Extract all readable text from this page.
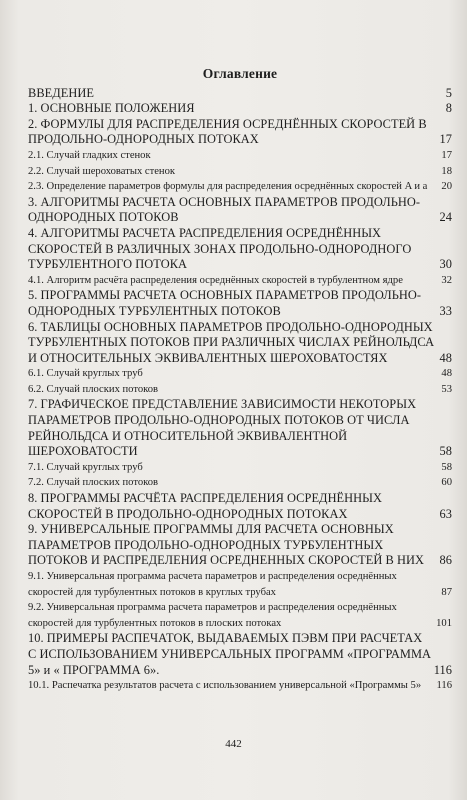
Оглавление
ВВЕДЕНИЕ	5
1. ОСНОВНЫЕ ПОЛОЖЕНИЯ	8
2. ФОРМУЛЫ ДЛЯ РАСПРЕДЕЛЕНИЯ ОСРЕДНЁННЫХ СКОРОСТЕЙ В ПРОДОЛЬНО-ОДНОРОДНЫХ ПОТОКАХ	17
2.1. Случай гладких стенок	17
2.2. Случай шероховатых стенок	18
2.3. Определение параметров формулы для распределения осреднённых скоростей A и a	20
3. АЛГОРИТМЫ РАСЧЕТА ОСНОВНЫХ ПАРАМЕТРОВ ПРОДОЛЬНО-ОДНОРОДНЫХ ПОТОКОВ	24
4. АЛГОРИТМЫ РАСЧЕТА РАСПРЕДЕЛЕНИЯ ОСРЕДНЁННЫХ СКОРОСТЕЙ В РАЗЛИЧНЫХ ЗОНАХ ПРОДОЛЬНО-ОДНОРОДНОГО ТУРБУЛЕНТНОГО ПОТОКА	30
4.1. Алгоритм расчёта распределения осреднённых скоростей в турбулентном ядре	32
5. ПРОГРАММЫ РАСЧЕТА ОСНОВНЫХ ПАРАМЕТРОВ ПРОДОЛЬНО-ОДНОРОДНЫХ ТУРБУЛЕНТНЫХ ПОТОКОВ	33
6. ТАБЛИЦЫ ОСНОВНЫХ ПАРАМЕТРОВ ПРОДОЛЬНО-ОДНОРОДНЫХ ТУРБУЛЕНТНЫХ ПОТОКОВ ПРИ РАЗЛИЧНЫХ ЧИСЛАХ РЕЙНОЛЬДСА И ОТНОСИТЕЛЬНЫХ ЭКВИВАЛЕНТНЫХ ШЕРОХОВАТОСТЯХ	48
6.1. Случай круглых труб	48
6.2. Случай плоских потоков	53
7. ГРАФИЧЕСКОЕ ПРЕДСТАВЛЕНИЕ ЗАВИСИМОСТИ НЕКОТОРЫХ ПАРАМЕТРОВ ПРОДОЛЬНО-ОДНОРОДНЫХ ПОТОКОВ ОТ ЧИСЛА РЕЙНОЛЬДСА И ОТНОСИТЕЛЬНОЙ ЭКВИВАЛЕНТНОЙ ШЕРОХОВАТОСТИ	58
7.1. Случай круглых труб	58
7.2. Случай плоских потоков	60
8. ПРОГРАММЫ РАСЧЁТА РАСПРЕДЕЛЕНИЯ ОСРЕДНЁННЫХ СКОРОСТЕЙ В ПРОДОЛЬНО-ОДНОРОДНЫХ ПОТОКАХ	63
9. УНИВЕРСАЛЬНЫЕ ПРОГРАММЫ ДЛЯ РАСЧЕТА ОСНОВНЫХ ПАРАМЕТРОВ ПРОДОЛЬНО-ОДНОРОДНЫХ ТУРБУЛЕНТНЫХ ПОТОКОВ И РАСПРЕДЕЛЕНИЯ ОСРЕДНЕННЫХ СКОРОСТЕЙ В НИХ	86
9.1. Универсальная программа расчета параметров и распределения осреднённых скоростей для турбулентных потоков в круглых трубах	87
9.2. Универсальная программа расчета параметров и распределения осреднённых скоростей для турбулентных потоков в плоских потоках	101
10. ПРИМЕРЫ РАСПЕЧАТОК, ВЫДАВАЕМЫХ ПЭВМ ПРИ РАСЧЕТАХ С ИСПОЛЬЗОВАНИЕМ УНИВЕРСАЛЬНЫХ ПРОГРАММ «ПРОГРАММА 5» и « ПРОГРАММА 6».	116
10.1. Распечатка результатов расчета с использованием универсальной «Программы 5»	116
442
